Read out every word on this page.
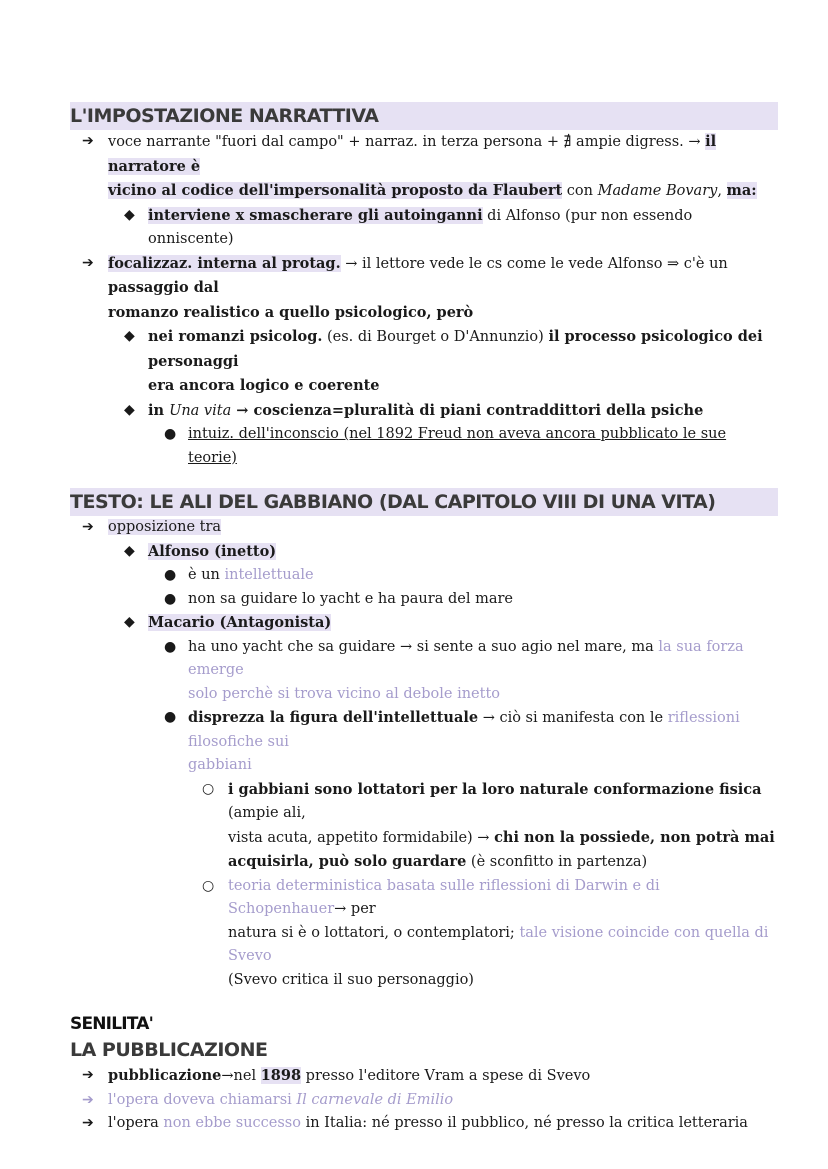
L'IMPOSTAZIONE NARRATTIVA
➔ voce narrante "fuori dal campo" + narraz. in terza persona + ∄ ampie digress. → il narratore è
vicino al codice dell'impersonalità proposto da Flaubert con Madame Bovary, ma:
◆ interviene x smascherare gli autoinganni di Alfonso (pur non essendo onniscente)
➔ focalizzaz. interna al protag. → il lettore vede le cs come le vede Alfonso ⇒ c'è un passaggio dal
romanzo realistico a quello psicologico, però
◆ nei romanzi psicolog. (es. di Bourget o D'Annunzio) il processo psicologico dei personaggi
era ancora logico e coerente
◆ in Una vita → coscienza=pluralità di piani contraddittori della psiche
● intuiz. dell'inconscio (nel 1892 Freud non aveva ancora pubblicato le sue teorie)
TESTO: LE ALI DEL GABBIANO (DAL CAPITOLO VIII DI UNA VITA)
➔ opposizione tra
◆ Alfonso (inetto)
● è un intellettuale
● non sa guidare lo yacht e ha paura del mare
◆ Macario (Antagonista)
● ha uno yacht che sa guidare → si sente a suo agio nel mare, ma la sua forza emerge
solo perchè si trova vicino al debole inetto
● disprezza la figura dell'intellettuale → ciò si manifesta con le riflessioni filosofiche sui
gabbiani
○ i gabbiani sono lottatori per la loro naturale conformazione fisica (ampie ali,
vista acuta, appetito formidabile) → chi non la possiede, non potrà mai
acquisirla, può solo guardare (è sconfitto in partenza)
○ teoria deterministica basata sulle riflessioni di Darwin e di Schopenhauer→ per
natura si è o lottatori, o contemplatori; tale visione coincide con quella di Svevo
(Svevo critica il suo personaggio)
SENILITA'
LA PUBBLICAZIONE
➔ pubblicazione→nel 1898 presso l'editore Vram a spese di Svevo
➔ l'opera doveva chiamarsi Il carnevale di Emilio
➔ l'opera non ebbe successo in Italia: né presso il pubblico, né presso la critica letteraria
